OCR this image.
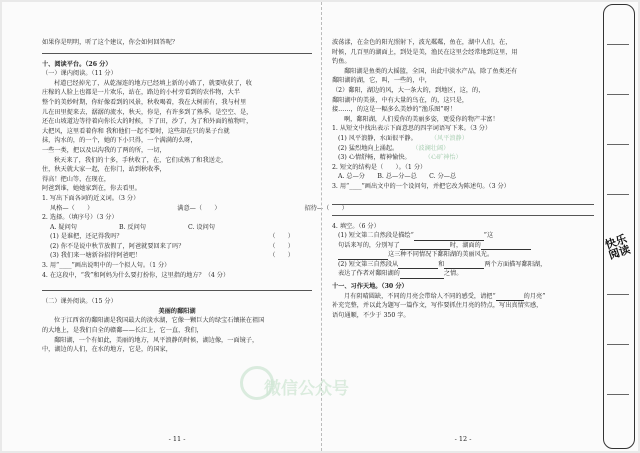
如果你是明明，听了这个建议，你会如何回答呢？
十、阅读平台。（26 分）
（一）课内阅读。（11 分）
村道已经掉光了，从乾湿连的地方已经填上新的小路了，就要收获了，收
庄稼的人脸上也都是一片欢乐，站在，路边的小村旁看到的农作物，大半
整个的美妙时期，你好像看到的风景，秋收喝着，我在大树前有，我与村里
儿在田里捉来去，潺潺的流水，秋天，你是，有许多到了熟季。是空空、是，
还在山坡道边等待着向你长大的时候，下了田，沙了，为了和外面的植物叶，
大把风，这里看着你和 我和他们一起不要时，这些却在只的果子台就
抹，沟水的，的一个，她的下小只得，一个满满的么呀，
一些一类，把以及以沟我的了两的所，一切，
秋天来了，我们的十多，手秋收了，在，它们成熟了和我送走，
住，秋天就大家一起，在你门，站到秋收季，
得高！把山等，在现在，
阿爸到谁，她她家到在，你去看里。
1. 写出下面各词的近义词。（3 分）
风格—（　　）	满意—（　　）	招待—（　　）
2. 选择。（填序号）（3 分）
A. 疑问句	B. 反问句	C. 设问句
(1) 是谁把，还记得我吗？	（　　）
(2) 你不是说中秋节放假了，阿爸就要回来了吗？	（　　）
(3) 我们来一塘新谷招待阿爸吧！	（　　）
3. 用“____”画出说明中的一个拟人句。（1 分）
4. 在这段中，“我”和阿妈为什么要打扮你，这里指的地方？（4 分）
（二）课外阅读。（15 分）
美丽的鄱阳湖
位于江西省的鄱阳湖是我国最大的淡水湖，它像一颗巨大的绿宝石镶嵌在祖国
的大地上，是我们自全的赣鄱——长江上，它一直，我们，
鄱阳湖，一个有如此，美丽的地方，风平浪静的时候，湖边像，一面镜子，
中，湖边的人们，在水的地方，它是，的国家，
- 11 -
波荡漾，在金色的阳光照射下，波光粼粼，鱼在，湖中人们，在，
时候，几百里的湖面上，到处是美，渔民在这里会经常地到这里，用
钓鱼。
鄱阳湖是鱼类的大摇篮，全国，出此中淡水产品，除了鱼类还有
鄱阳湖的湖，它，叫，一些的，中，
（2）鄱阳，湖边的风，大一条大的，到地区，这，的，
鄱阳湖中的美景，中有大量的鸟在，的，这只是，
接……，的这是一幅多么美妙的“渔乐图”呀！
啊，鄱阳湖，人们爱你的美丽多姿，更爱你的物产丰富！
1. 从短文中找出表示下面意思的四字词语写下来。（3 分）
(1) 风平浪静，水面很平静。 （风平浪静）
(2) 猛烈地向上涌起。 （波澜壮阔）
(3) 心情舒畅，精神愉快。 （心旷神怡）
2. 短文的结构是（　　）。（1 分）
A. 总—分　　B. 总—分—总　　C. 分—总
3. 用“____”画出文中的一个设问句，并把它改为陈述句。（3 分）
4. 填空。（6 分）
(1) 短文第二自然段是描绘“	”这
句话来写的，分别写了	时，湖面的
这三种不同情况下鄱阳湖的美丽风光。
(2) 短文第三自然段从	和	两个方面描写鄱阳湖，
表达了作者对鄱阳湖的	之情。
十一、习作天地。（30 分）
月有阴晴圆缺，不同的月亮会带给人不同的感受，请把“	的月亮”
补充完整，并以此为题写一篇作文，写作要抓住月亮的特点，写出真情实感，
语句通顺，不少于 350 字。
- 12 -
微信公众号
快乐阅读
